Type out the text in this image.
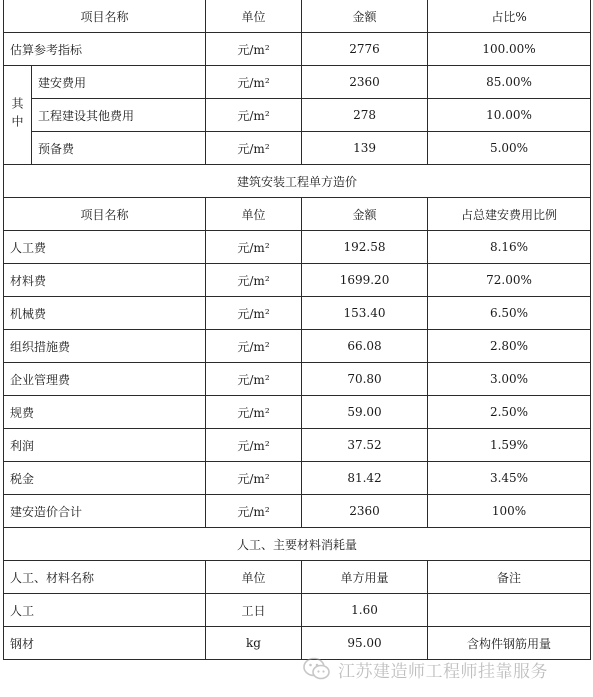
项目名称		单位	金额	占比%
估算参考指标		元/m²	2776	100.00%
其中	建安费用	元/m²	2360	85.00%
	工程建设其他费用	元/m²	278	10.00%
	预备费	元/m²	139	5.00%
建筑安装工程单方造价				
项目名称		单位	金额	占总建安费用比例
人工费		元/m²	192.58	8.16%
材料费		元/m²	1699.20	72.00%
机械费		元/m²	153.40	6.50%
组织措施费		元/m²	66.08	2.80%
企业管理费		元/m²	70.80	3.00%
规费		元/m²	59.00	2.50%
利润		元/m²	37.52	1.59%
税金		元/m²	81.42	3.45%
建安造价合计		元/m²	2360	100%
人工、主要材料消耗量				
人工、材料名称		单位	单方用量	备注
人工		工日	1.60	
钢材		kg	95.00	含构件钢筋用量
江苏建造师工程师挂靠服务
